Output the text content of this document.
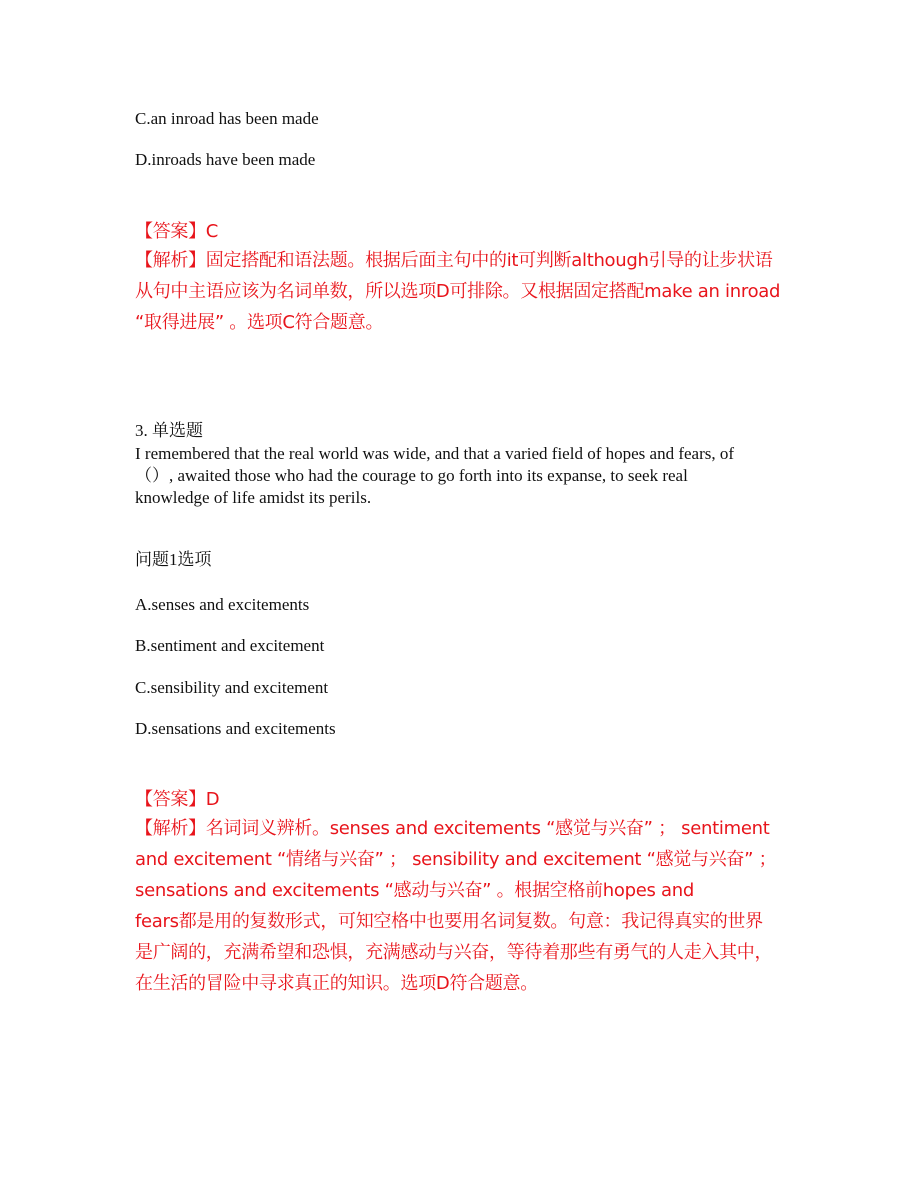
C.an inroad has been made

D.inroads have been made

【答案】C

【解析】固定搭配和语法题。根据后面主句中的it可判断although引导的让步状语
从句中主语应该为名词单数，所以选项D可排除。又根据固定搭配make an inroad
“取得进展” 。选项C符合题意。

3. 单选题

I remembered that the real world was wide, and that a varied field of hopes and fears, of
（）, awaited those who had the courage to go forth into its expanse, to seek real
knowledge of life amidst its perils.

问题1选项

A.senses and excitements

B.sentiment and excitement

C.sensibility and excitement

D.sensations and excitements

【答案】D

【解析】名词词义辨析。senses and excitements “感觉与兴奋” ； sentiment
and excitement “情绪与兴奋” ； sensibility and excitement “感觉与兴奋” ；
sensations and excitements “感动与兴奋” 。根据空格前hopes and
fears都是用的复数形式，可知空格中也要用名词复数。句意：我记得真实的世界
是广阔的，充满希望和恐惧，充满感动与兴奋，等待着那些有勇气的人走入其中，
在生活的冒险中寻求真正的知识。选项D符合题意。
